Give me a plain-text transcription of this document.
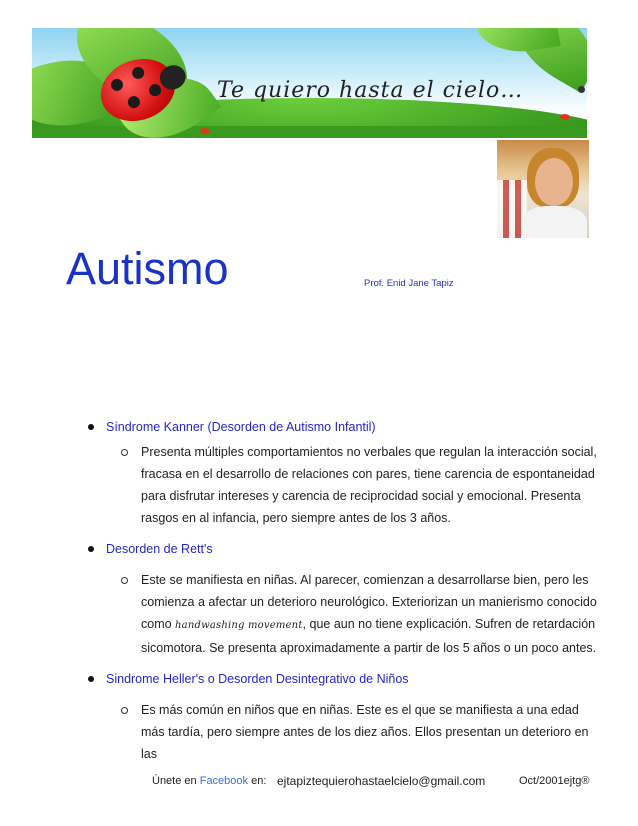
Te quiero hasta el cielo…
Autismo	Prof. Enid Jane Tapiz
Síndrome Kanner (Desorden de Autismo Infantil)
Presenta múltiples comportamientos no verbales que regulan la interacción social, fracasa en el desarrollo de relaciones con pares, tiene carencia de espontaneidad para disfrutar intereses y carencia de reciprocidad social y emocional. Presenta rasgos en al infancia, pero siempre antes de los 3 años.
Desorden de Rett's
Este se manifiesta en niñas. Al parecer, comienzan a desarrollarse bien, pero les comienza a afectar un deterioro neurológico. Exteriorizan un manierismo conocido como handwashing movement, que aun no tiene explicación. Sufren de retardación sicomotora. Se presenta aproximadamente a partir de los 5 años o un poco antes.
Sindrome Heller's o Desorden Desintegrativo de Niños
Es más común en niños que en niñas. Este es el que se manifiesta a una edad más tardía, pero siempre antes de los diez años. Ellos presentan un deterioro en las
Únete en Facebook en: ejtapiztequierohastaelcielo@gmail.com	Oct/2001ejtg®
